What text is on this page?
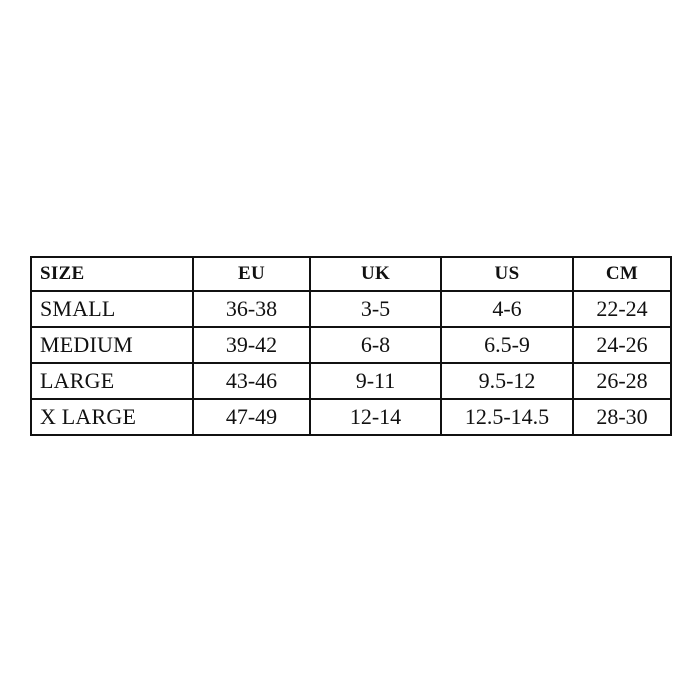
SIZE	EU	UK	US	CM
SMALL	36-38	3-5	4-6	22-24
MEDIUM	39-42	6-8	6.5-9	24-26
LARGE	43-46	9-11	9.5-12	26-28
X LARGE	47-49	12-14	12.5-14.5	28-30
